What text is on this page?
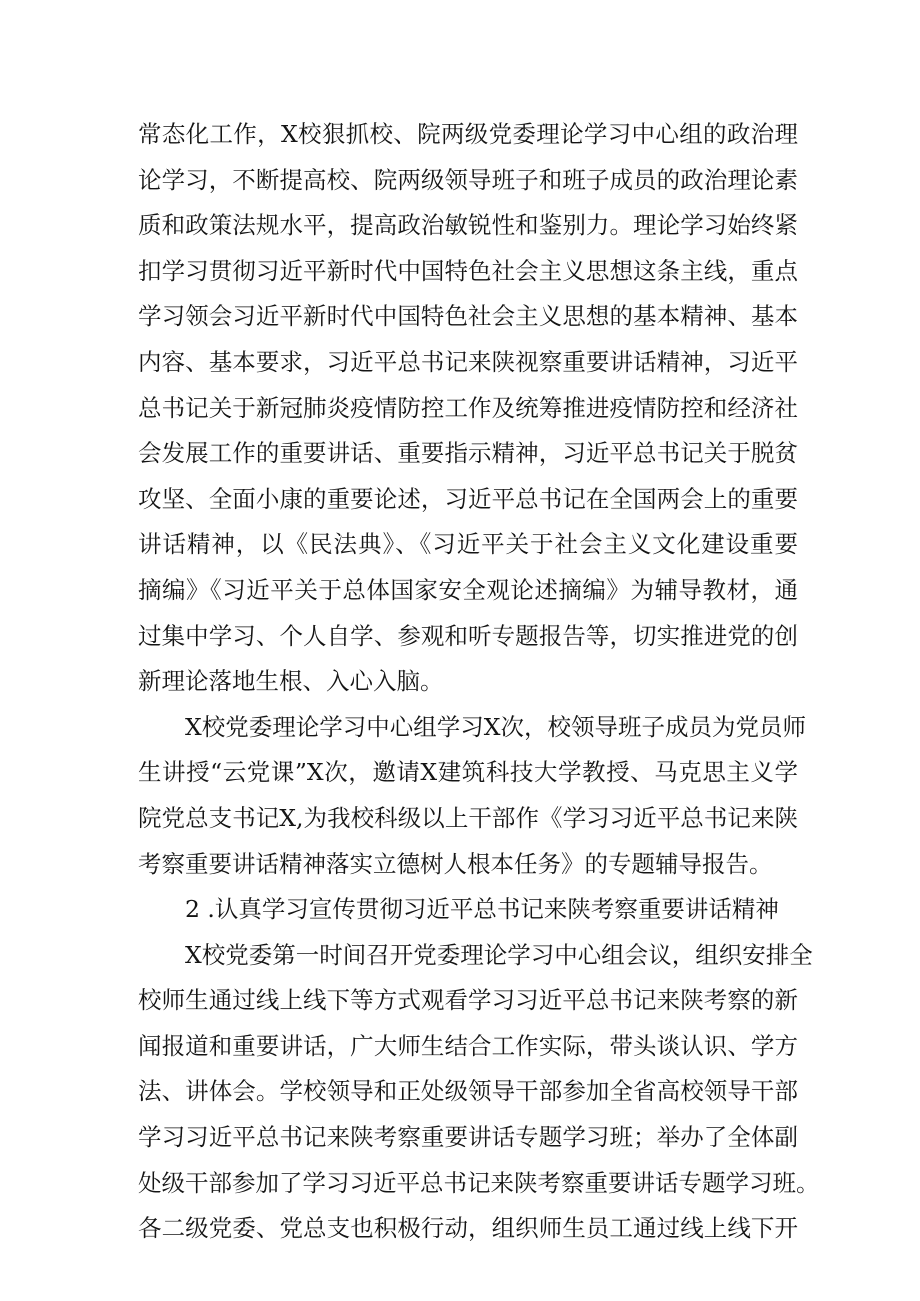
常态化工作，X校狠抓校、院两级党委理论学习中心组的政治理
论学习，不断提高校、院两级领导班子和班子成员的政治理论素
质和政策法规水平，提高政治敏锐性和鉴别力。理论学习始终紧
扣学习贯彻习近平新时代中国特色社会主义思想这条主线，重点
学习领会习近平新时代中国特色社会主义思想的基本精神、基本
内容、基本要求，习近平总书记来陕视察重要讲话精神，习近平
总书记关于新冠肺炎疫情防控工作及统筹推进疫情防控和经济社
会发展工作的重要讲话、重要指示精神，习近平总书记关于脱贫
攻坚、全面小康的重要论述，习近平总书记在全国两会上的重要
讲话精神，以《民法典》、《习近平关于社会主义文化建设重要
摘编》《习近平关于总体国家安全观论述摘编》为辅导教材，通
过集中学习、个人自学、参观和听专题报告等，切实推进党的创
新理论落地生根、入心入脑。
X校党委理论学习中心组学习X次，校领导班子成员为党员师
生讲授“云党课”X次，邀请X建筑科技大学教授、马克思主义学
院党总支书记X,为我校科级以上干部作《学习习近平总书记来陕
考察重要讲话精神落实立德树人根本任务》的专题辅导报告。
2 .认真学习宣传贯彻习近平总书记来陕考察重要讲话精神
X校党委第一时间召开党委理论学习中心组会议，组织安排全
校师生通过线上线下等方式观看学习习近平总书记来陕考察的新
闻报道和重要讲话，广大师生结合工作实际，带头谈认识、学方
法、讲体会。学校领导和正处级领导干部参加全省高校领导干部
学习习近平总书记来陕考察重要讲话专题学习班；举办了全体副
处级干部参加了学习习近平总书记来陕考察重要讲话专题学习班。
各二级党委、党总支也积极行动，组织师生员工通过线上线下开
